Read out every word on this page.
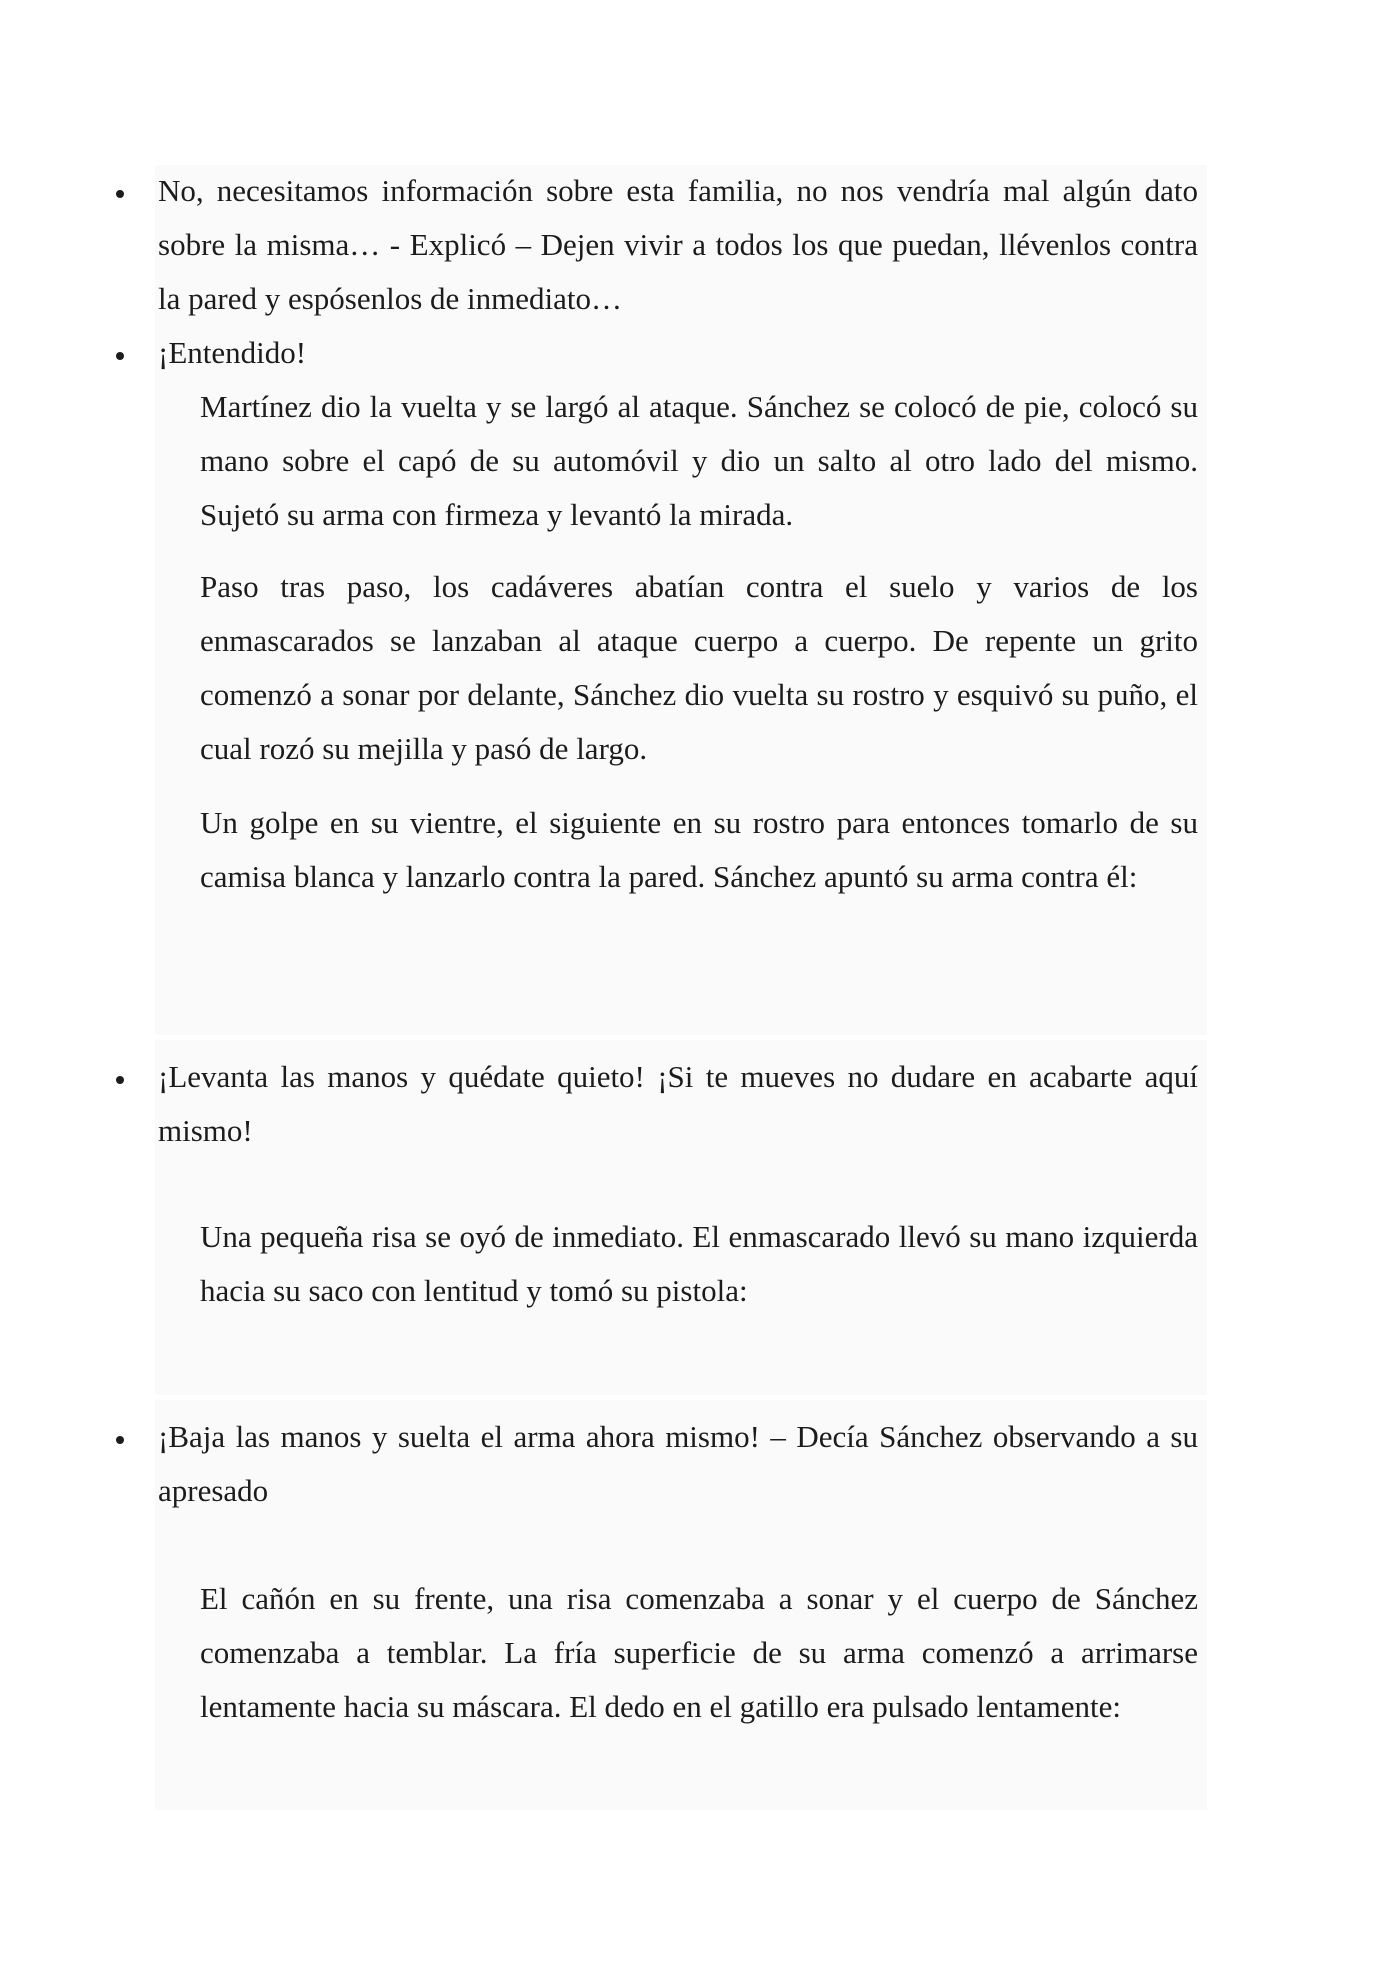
No, necesitamos información sobre esta familia, no nos vendría mal algún dato sobre la misma… - Explicó – Dejen vivir a todos los que puedan, llévenlos contra la pared y espósenlos de inmediato…

¡Entendido!

Martínez dio la vuelta y se largó al ataque. Sánchez se colocó de pie, colocó su mano sobre el capó de su automóvil y dio un salto al otro lado del mismo. Sujetó su arma con firmeza y levantó la mirada.

Paso tras paso, los cadáveres abatían contra el suelo y varios de los enmascarados se lanzaban al ataque cuerpo a cuerpo. De repente un grito comenzó a sonar por delante, Sánchez dio vuelta su rostro y esquivó su puño, el cual rozó su mejilla y pasó de largo.

Un golpe en su vientre, el siguiente en su rostro para entonces tomarlo de su camisa blanca y lanzarlo contra la pared. Sánchez apuntó su arma contra él:

¡Levanta las manos y quédate quieto! ¡Si te mueves no dudare en acabarte aquí mismo!

Una pequeña risa se oyó de inmediato. El enmascarado llevó su mano izquierda hacia su saco con lentitud y tomó su pistola:

¡Baja las manos y suelta el arma ahora mismo! – Decía Sánchez observando a su apresado

El cañón en su frente, una risa comenzaba a sonar y el cuerpo de Sánchez comenzaba a temblar. La fría superficie de su arma comenzó a arrimarse lentamente hacia su máscara. El dedo en el gatillo era pulsado lentamente:
